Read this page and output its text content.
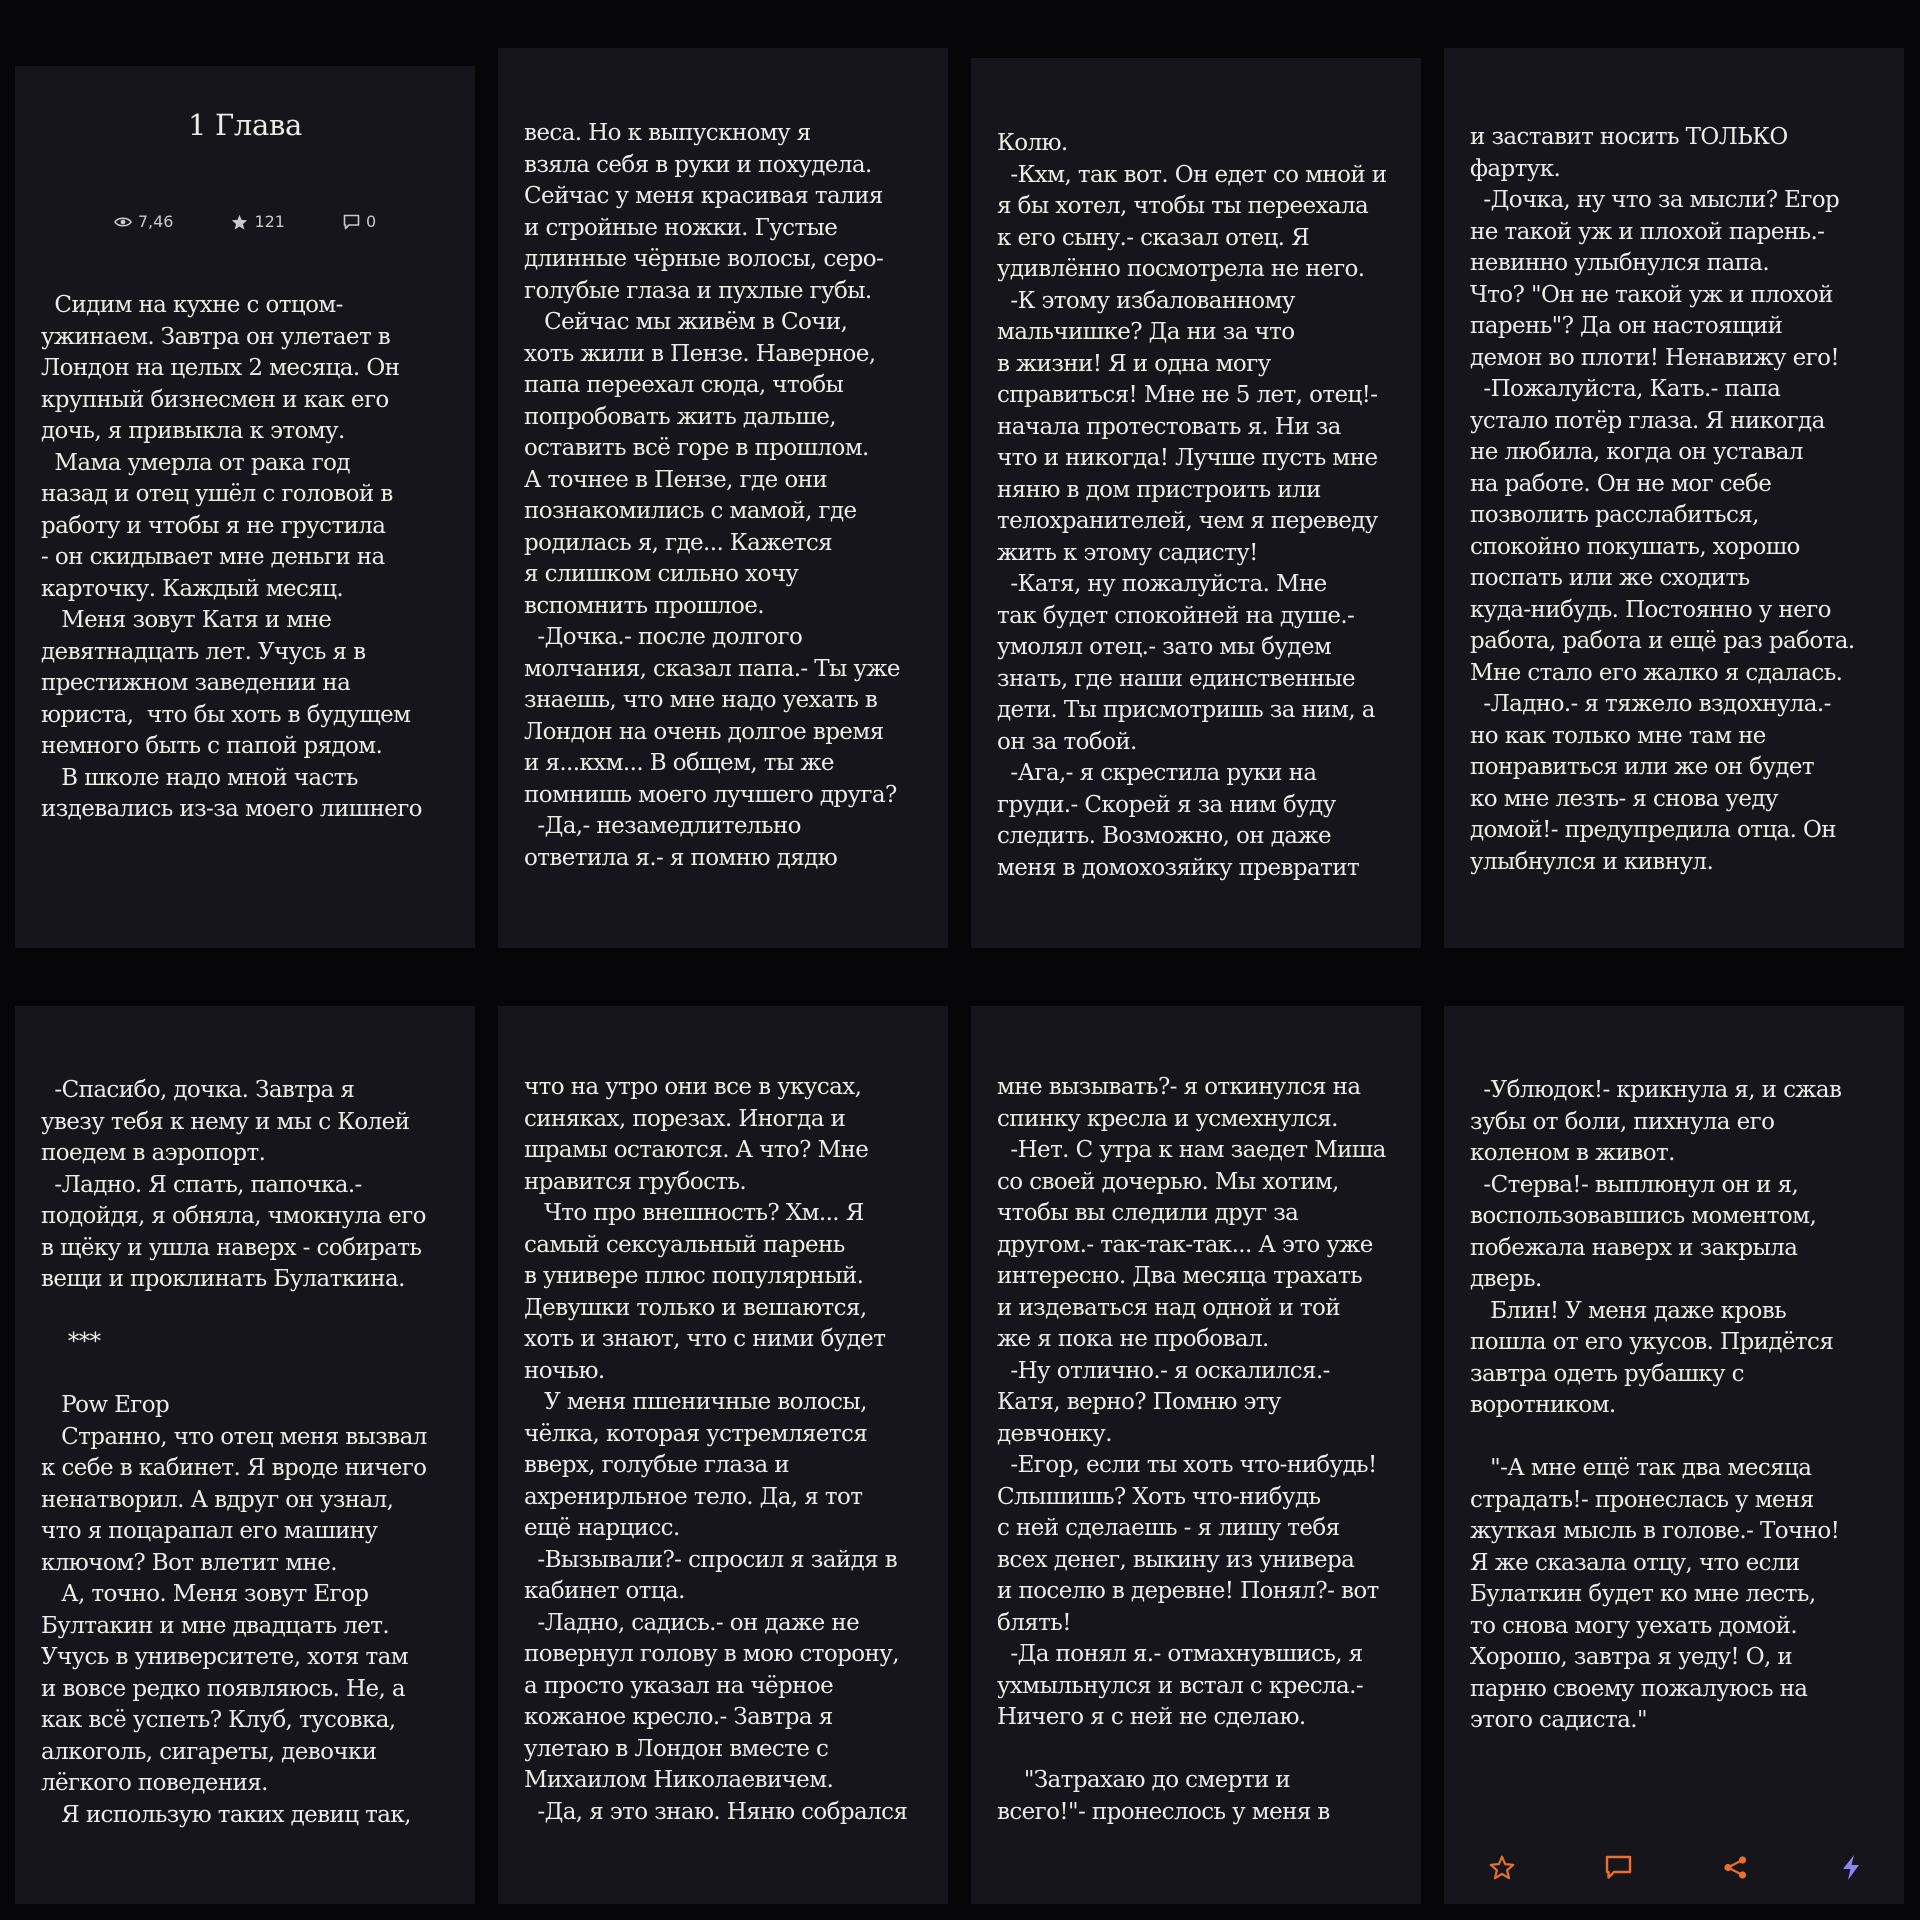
1 Глава
7,46	121	0

Сидим на кухне с отцом-
ужинаем. Завтра он улетает в
Лондон на целых 2 месяца. Он
крупный бизнесмен и как его
дочь, я привыкла к этому.
Мама умерла от рака год
назад и отец ушёл с головой в
работу и чтобы я не грустила
- он скидывает мне деньги на
карточку. Каждый месяц.
Меня зовут Катя и мне
девятнадцать лет. Учусь я в
престижном заведении на
юриста,  что бы хоть в будущем
немного быть с папой рядом.
В школе надо мной часть
издевались из-за моего лишнего

веса. Но к выпускному я
взяла себя в руки и похудела.
Сейчас у меня красивая талия
и стройные ножки. Густые
длинные чёрные волосы, серо-
голубые глаза и пухлые губы.
Сейчас мы живём в Сочи,
хоть жили в Пензе. Наверное,
папа переехал сюда, чтобы
попробовать жить дальше,
оставить всё горе в прошлом.
А точнее в Пензе, где они
познакомились с мамой, где
родилась я, где... Кажется
я слишком сильно хочу
вспомнить прошлое.
-Дочка.- после долгого
молчания, сказал папа.- Ты уже
знаешь, что мне надо уехать в
Лондон на очень долгое время
и я...кхм... В общем, ты же
помнишь моего лучшего друга?
-Да,- незамедлительно
ответила я.- я помню дядю

Колю.
-Кхм, так вот. Он едет со мной и
я бы хотел, чтобы ты переехала
к его сыну.- сказал отец. Я
удивлённо посмотрела не него.
-К этому избалованному
мальчишке? Да ни за что
в жизни! Я и одна могу
справиться! Мне не 5 лет, отец!-
начала протестовать я. Ни за
что и никогда! Лучше пусть мне
няню в дом пристроить или
телохранителей, чем я переведу
жить к этому садисту!
-Катя, ну пожалуйста. Мне
так будет спокойней на душе.-
умолял отец.- зато мы будем
знать, где наши единственные
дети. Ты присмотришь за ним, а
он за тобой.
-Ага,- я скрестила руки на
груди.- Скорей я за ним буду
следить. Возможно, он даже
меня в домохозяйку превратит

и заставит носить ТОЛЬКО
фартук.
-Дочка, ну что за мысли? Егор
не такой уж и плохой парень.-
невинно улыбнулся папа.
Что? "Он не такой уж и плохой
парень"? Да он настоящий
демон во плоти! Ненавижу его!
-Пожалуйста, Кать.- папа
устало потёр глаза. Я никогда
не любила, когда он уставал
на работе. Он не мог себе
позволить расслабиться,
спокойно покушать, хорошо
поспать или же сходить
куда-нибудь. Постоянно у него
работа, работа и ещё раз работа.
Мне стало его жалко я сдалась.
-Ладно.- я тяжело вздохнула.-
но как только мне там не
понравиться или же он будет
ко мне лезть- я снова уеду
домой!- предупредила отца. Он
улыбнулся и кивнул.

-Спасибо, дочка. Завтра я
увезу тебя к нему и мы с Колей
поедем в аэропорт.
-Ладно. Я спать, папочка.-
подойдя, я обняла, чмокнула его
в щёку и ушла наверх - собирать
вещи и проклинать Булаткина.

***

Pow Егор
Странно, что отец меня вызвал
к себе в кабинет. Я вроде ничего
ненатворил. А вдруг он узнал,
что я поцарапал его машину
ключом? Вот влетит мне.
А, точно. Меня зовут Егор
Бултакин и мне двадцать лет.
Учусь в университете, хотя там
и вовсе редко появляюсь. Не, а
как всё успеть? Клуб, тусовка,
алкоголь, сигареты, девочки
лёгкого поведения.
Я использую таких девиц так,

что на утро они все в укусах,
синяках, порезах. Иногда и
шрамы остаются. А что? Мне
нравится грубость.
Что про внешность? Хм... Я
самый сексуальный парень
в универе плюс популярный.
Девушки только и вешаются,
хоть и знают, что с ними будет
ночью.
У меня пшеничные волосы,
чёлка, которая устремляется
вверх, голубые глаза и
ахренирльное тело. Да, я тот
ещё нарцисс.
-Вызывали?- спросил я зайдя в
кабинет отца.
-Ладно, садись.- он даже не
повернул голову в мою сторону,
а просто указал на чёрное
кожаное кресло.- Завтра я
улетаю в Лондон вместе с
Михаилом Николаевичем.
-Да, я это знаю. Няню собрался

мне вызывать?- я откинулся на
спинку кресла и усмехнулся.
-Нет. С утра к нам заедет Миша
со своей дочерью. Мы хотим,
чтобы вы следили друг за
другом.- так-так-так... А это уже
интересно. Два месяца трахать
и издеваться над одной и той
же я пока не пробовал.
-Ну отлично.- я оскалился.-
Катя, верно? Помню эту
девчонку.
-Егор, если ты хоть что-нибудь!
Слышишь? Хоть что-нибудь
с ней сделаешь - я лишу тебя
всех денег, выкину из универа
и поселю в деревне! Понял?- вот
блять!
-Да понял я.- отмахнувшись, я
ухмыльнулся и встал с кресла.-
Ничего я с ней не сделаю.

"Затрахаю до смерти и
всего!"- пронеслось у меня в

-Ублюдок!- крикнула я, и сжав
зубы от боли, пихнула его
коленом в живот.
-Стерва!- выплюнул он и я,
воспользовавшись моментом,
побежала наверх и закрыла
дверь.
Блин! У меня даже кровь
пошла от его укусов. Придётся
завтра одеть рубашку с
воротником.

"-А мне ещё так два месяца
страдать!- пронеслась у меня
жуткая мысль в голове.- Точно!
Я же сказала отцу, что если
Булаткин будет ко мне лесть,
то снова могу уехать домой.
Хорошо, завтра я уеду! О, и
парню своему пожалуюсь на
этого садиста."
